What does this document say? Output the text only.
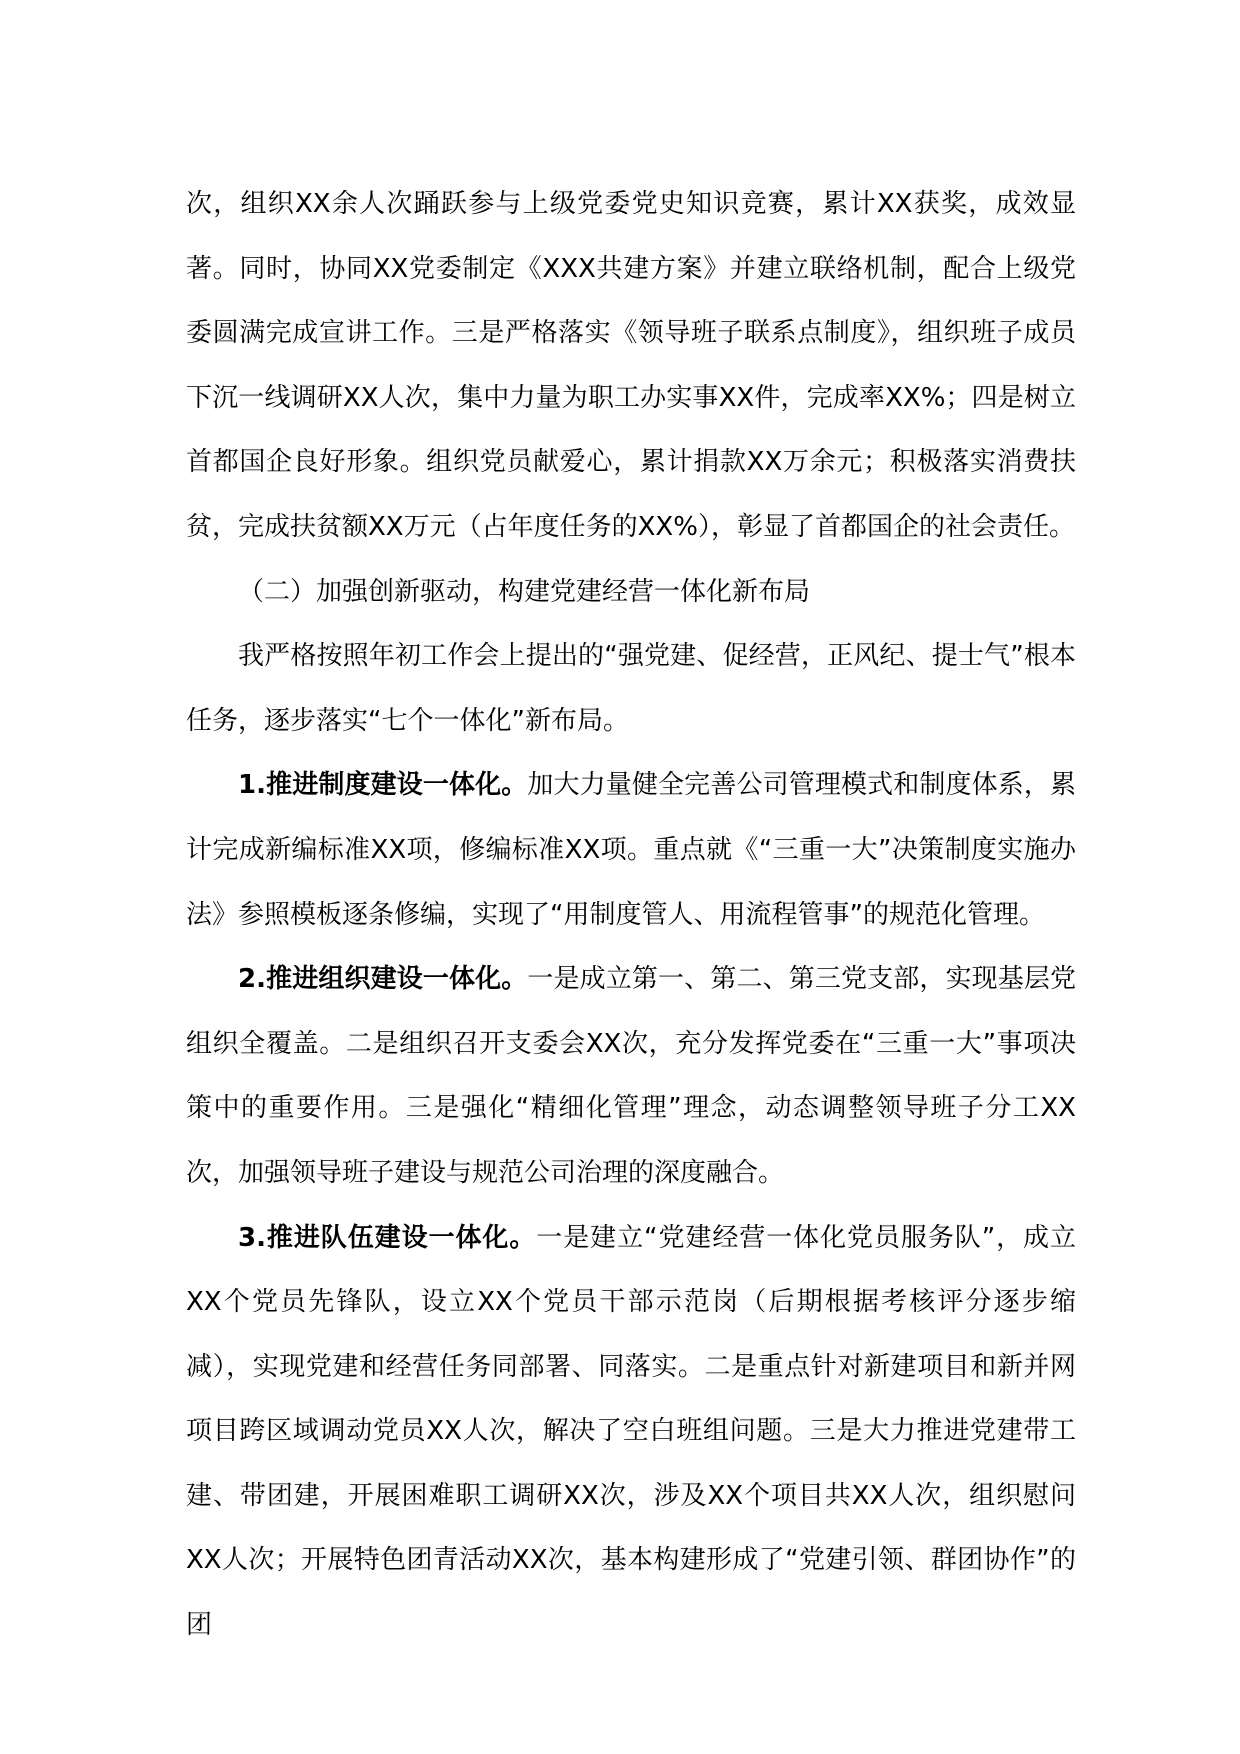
次，组织XX余人次踊跃参与上级党委党史知识竞赛，累计XX获奖，成效显著。同时，协同XX党委制定《XXX共建方案》并建立联络机制，配合上级党委圆满完成宣讲工作。三是严格落实《领导班子联系点制度》，组织班子成员下沉一线调研XX人次，集中力量为职工办实事XX件，完成率XX%；四是树立首都国企良好形象。组织党员献爱心，累计捐款XX万余元；积极落实消费扶贫，完成扶贫额XX万元（占年度任务的XX%），彰显了首都国企的社会责任。

（二）加强创新驱动，构建党建经营一体化新布局

我严格按照年初工作会上提出的“强党建、促经营，正风纪、提士气”根本任务，逐步落实“七个一体化”新布局。

1.推进制度建设一体化。加大力量健全完善公司管理模式和制度体系，累计完成新编标准XX项，修编标准XX项。重点就《“三重一大”决策制度实施办法》参照模板逐条修编，实现了“用制度管人、用流程管事”的规范化管理。

2.推进组织建设一体化。一是成立第一、第二、第三党支部，实现基层党组织全覆盖。二是组织召开支委会XX次，充分发挥党委在“三重一大”事项决策中的重要作用。三是强化“精细化管理”理念，动态调整领导班子分工XX次，加强领导班子建设与规范公司治理的深度融合。

3.推进队伍建设一体化。一是建立“党建经营一体化党员服务队”，成立XX个党员先锋队，设立XX个党员干部示范岗（后期根据考核评分逐步缩减），实现党建和经营任务同部署、同落实。二是重点针对新建项目和新并网项目跨区域调动党员XX人次，解决了空白班组问题。三是大力推进党建带工建、带团建，开展困难职工调研XX次，涉及XX个项目共XX人次，组织慰问XX人次；开展特色团青活动XX次，基本构建形成了“党建引领、群团协作”的团
